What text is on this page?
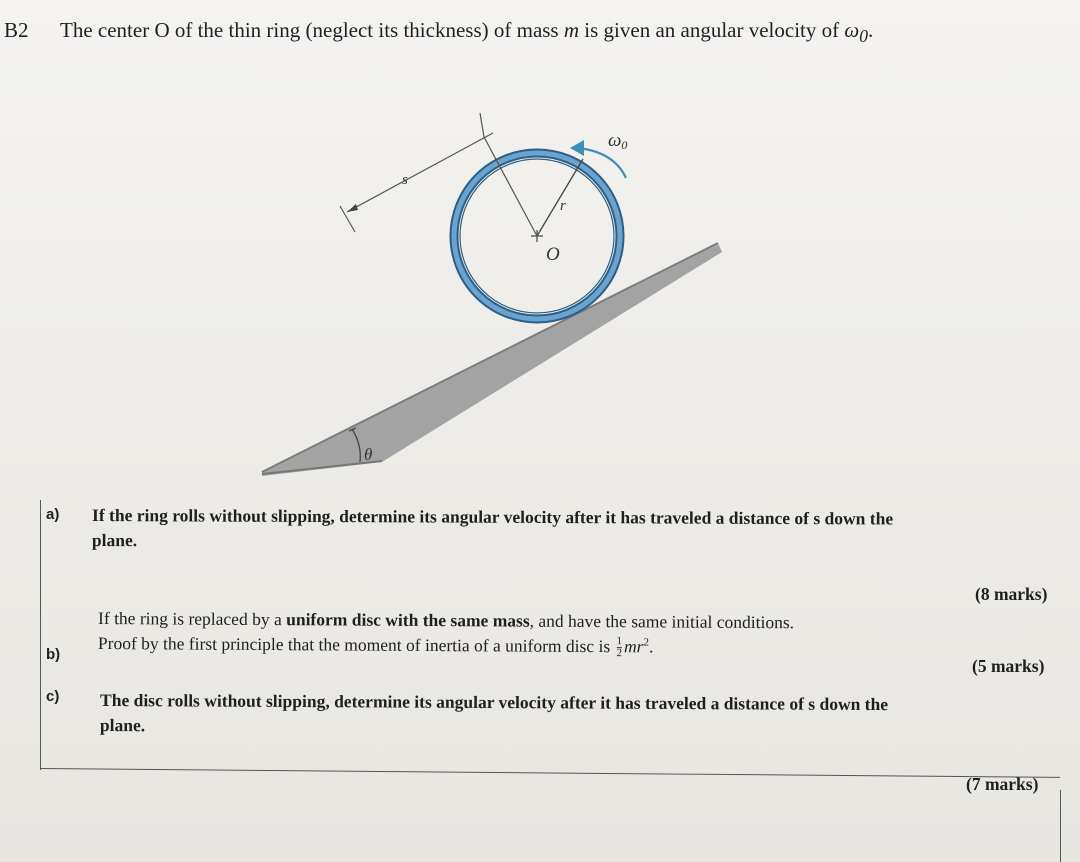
B2 The center O of the thin ring (neglect its thickness) of mass m is given an angular velocity of $\omega_0$.
θ
O
r
s
ω0
a) If the ring rolls without slipping, determine its angular velocity after it has traveled a distance of s down the
plane.
(8 marks)
b)
If the ring is replaced by a uniform disc with the same mass, and have the same initial conditions.
Proof by the first principle that the moment of inertia of a uniform disc is $\frac{1}{2} mr^2$.
(5 marks)
c) The disc rolls without slipping, determine its angular velocity after it has traveled a distance of s down the
plane.
(7 marks)
